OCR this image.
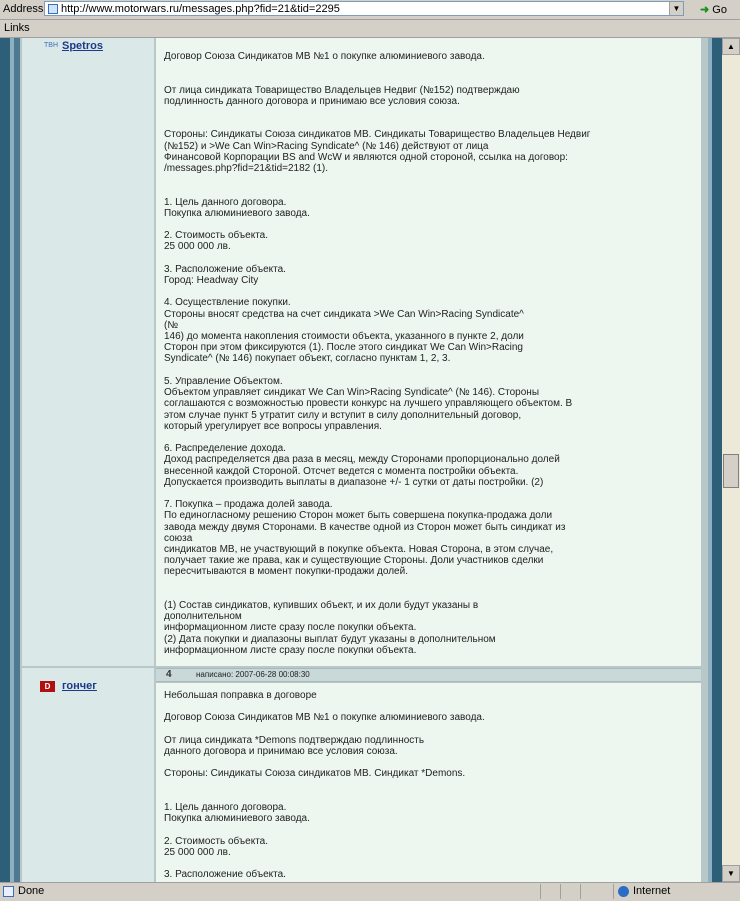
Address http://www.motorwars.ru/messages.php?fid=21&tid=2295	▼ ➜ Go
Links
ТВН Spetros
Договор Союза Синдикатов МВ №1 о покупке алюминиевого завода.

От лица синдиката Товарищество Владельцев Недвиг (№152) подтверждаю
подлинность данного договора и принимаю все условия союза.

Стороны: Синдикаты Союза синдикатов МВ. Синдикаты Товарищество Владельцев Недвиг
(№152) и >We Can Win>Racing Syndicate^ (№ 146) действуют от лица
Финансовой Корпорации BS and WcW и являются одной стороной, ссылка на договор:
/messages.php?fid=21&tid=2182 (1).

1. Цель данного договора.
Покупка алюминиевого завода.

2. Стоимость объекта.
25 000 000 лв.

3. Расположение объекта.
Город: Headway City

4. Осуществление покупки.
Стороны вносят средства на счет синдиката >We Can Win>Racing Syndicate^
(№
146) до момента накопления стоимости объекта, указанного в пункте 2, доли
Сторон при этом фиксируются (1). После этого синдикат We Can Win>Racing
Syndicate^ (№ 146) покупает объект, согласно пунктам 1, 2, 3.

5. Управление Объектом.
Объектом управляет синдикат We Can Win>Racing Syndicate^ (№ 146). Стороны
соглашаются с возможностью провести конкурс на лучшего управляющего объектом. В
этом случае пункт 5 утратит силу и вступит в силу дополнительный договор,
который урегулирует все вопросы управления.

6. Распределение дохода.
Доход распределяется два раза в месяц, между Сторонами пропорционально долей
внесенной каждой Стороной. Отсчет ведется с момента постройки объекта.
Допускается производить выплаты в диапазоне +/- 1 сутки от даты постройки. (2)

7. Покупка – продажа долей завода.
По единогласному решению Сторон может быть совершена покупка-продажа доли
завода между двумя Сторонами. В качестве одной из Сторон может быть синдикат из
союза
синдикатов МВ, не участвующий в покупке объекта. Новая Сторона, в этом случае,
получает такие же права, как и существующие Стороны. Доли участников сделки
пересчитываются в момент покупки-продажи долей.

(1) Состав синдикатов, купивших объект, и их доли будут указаны в
дополнительном
информационном листе сразу после покупки объекта.
(2) Дата покупки и диапазоны выплат будут указаны в дополнительном
информационном листе сразу после покупки объекта.
4	написано: 2007-06-28 00:08:30
D	гончег
Небольшая поправка в договоре

Договор Союза Синдикатов МВ №1 о покупке алюминиевого завода.

От лица синдиката *Demons подтверждаю подлинность
данного договора и принимаю все условия союза.

Стороны: Синдикаты Союза синдикатов МВ. Синдикат *Demons.

1. Цель данного договора.
Покупка алюминиевого завода.

2. Стоимость объекта.
25 000 000 лв.

3. Расположение объекта.
▲
▼
Done	Internet
